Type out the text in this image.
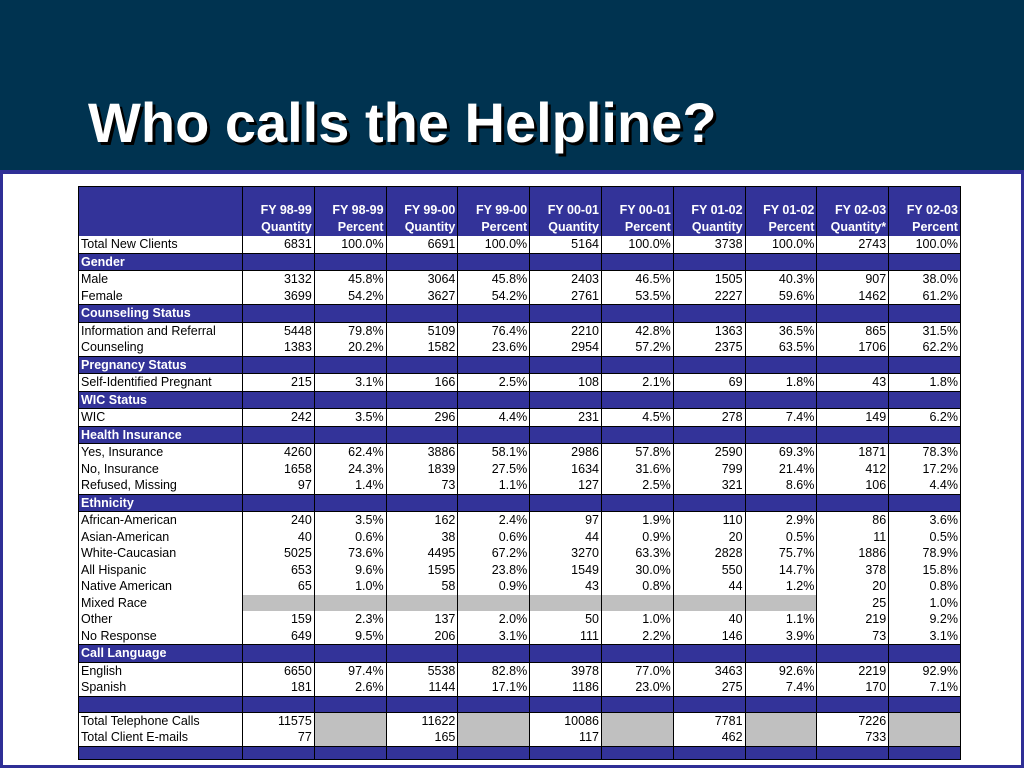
Who calls the Helpline?
	FY 98-99	FY 98-99	FY 99-00	FY 99-00	FY 00-01	FY 00-01	FY 01-02	FY 01-02	FY 02-03	FY 02-03
	Quantity	Percent	Quantity	Percent	Quantity	Percent	Quantity	Percent	Quantity*	Percent
Total New Clients	6831	100.0%	6691	100.0%	5164	100.0%	3738	100.0%	2743	100.0%
Gender										
Male	3132	45.8%	3064	45.8%	2403	46.5%	1505	40.3%	907	38.0%
Female	3699	54.2%	3627	54.2%	2761	53.5%	2227	59.6%	1462	61.2%
Counseling Status										
Information and Referral	5448	79.8%	5109	76.4%	2210	42.8%	1363	36.5%	865	31.5%
Counseling	1383	20.2%	1582	23.6%	2954	57.2%	2375	63.5%	1706	62.2%
Pregnancy Status										
Self-Identified Pregnant	215	3.1%	166	2.5%	108	2.1%	69	1.8%	43	1.8%
WIC Status										
WIC	242	3.5%	296	4.4%	231	4.5%	278	7.4%	149	6.2%
Health Insurance										
Yes, Insurance	4260	62.4%	3886	58.1%	2986	57.8%	2590	69.3%	1871	78.3%
No, Insurance	1658	24.3%	1839	27.5%	1634	31.6%	799	21.4%	412	17.2%
Refused, Missing	97	1.4%	73	1.1%	127	2.5%	321	8.6%	106	4.4%
Ethnicity										
African-American	240	3.5%	162	2.4%	97	1.9%	110	2.9%	86	3.6%
Asian-American	40	0.6%	38	0.6%	44	0.9%	20	0.5%	11	0.5%
White-Caucasian	5025	73.6%	4495	67.2%	3270	63.3%	2828	75.7%	1886	78.9%
All Hispanic	653	9.6%	1595	23.8%	1549	30.0%	550	14.7%	378	15.8%
Native American	65	1.0%	58	0.9%	43	0.8%	44	1.2%	20	0.8%
Mixed Race									25	1.0%
Other	159	2.3%	137	2.0%	50	1.0%	40	1.1%	219	9.2%
No Response	649	9.5%	206	3.1%	111	2.2%	146	3.9%	73	3.1%
Call Language										
English	6650	97.4%	5538	82.8%	3978	77.0%	3463	92.6%	2219	92.9%
Spanish	181	2.6%	1144	17.1%	1186	23.0%	275	7.4%	170	7.1%

Total Telephone Calls	11575		11622		10086		7781		7226	
Total Client E-mails	77		165		117		462		733	
